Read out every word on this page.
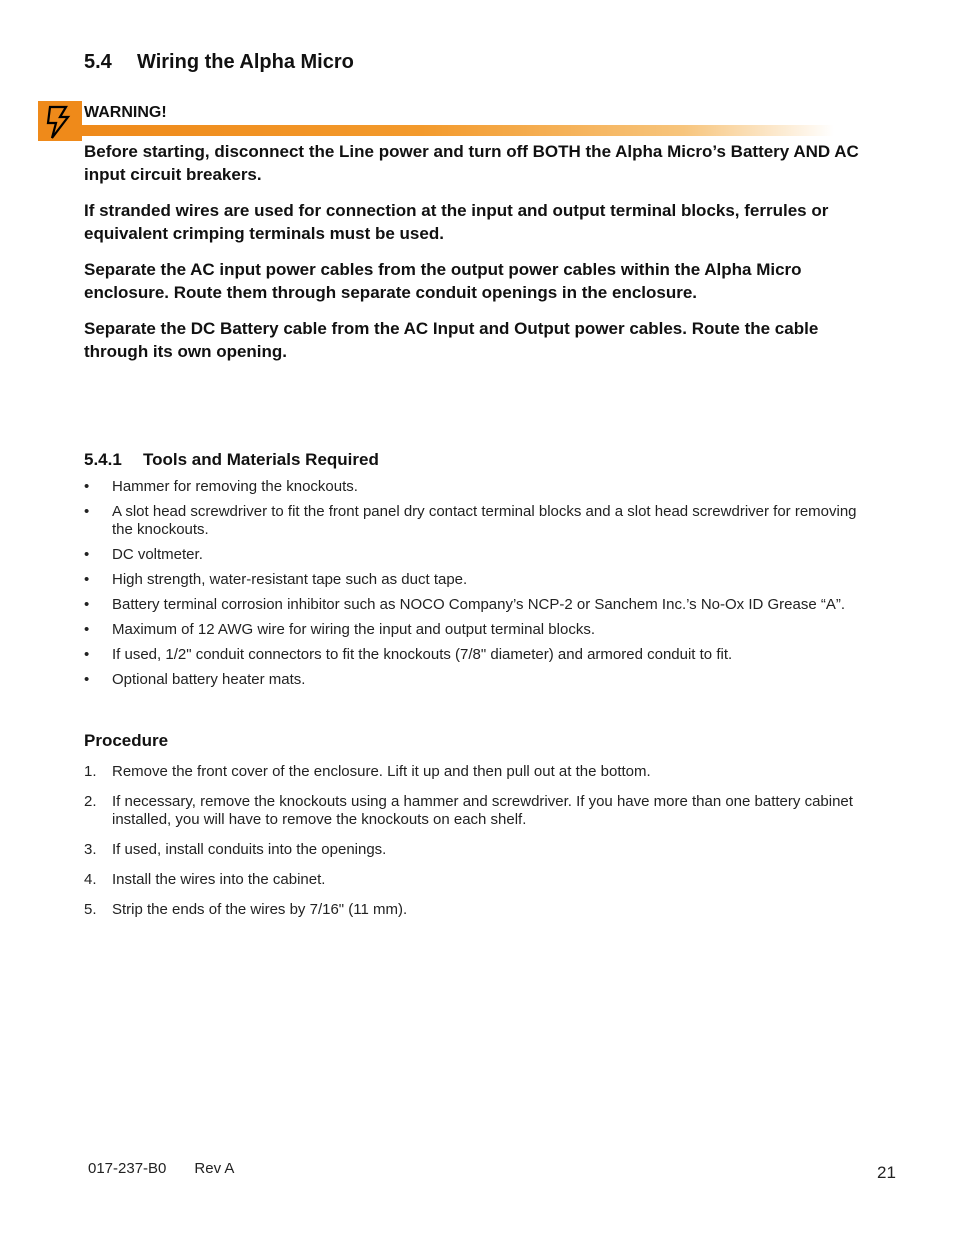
5.4 Wiring the Alpha Micro
WARNING!

Before starting, disconnect the Line power and turn off BOTH the Alpha Micro’s Battery AND AC input circuit breakers.

If stranded wires are used for connection at the input and output terminal blocks, ferrules or equivalent crimping terminals must be used.

Separate the AC input power cables from the output power cables within the Alpha Micro enclosure. Route them through separate conduit openings in the enclosure.

Separate the DC Battery cable from the AC Input and Output power cables. Route the cable through its own opening.

5.4.1 Tools and Materials Required
• Hammer for removing the knockouts.
• A slot head screwdriver to fit the front panel dry contact terminal blocks and a slot head screwdriver for removing the knockouts.
• DC voltmeter.
• High strength, water-resistant tape such as duct tape.
• Battery terminal corrosion inhibitor such as NOCO Company’s NCP-2 or Sanchem Inc.’s No-Ox ID Grease “A”.
• Maximum of 12 AWG wire for wiring the input and output terminal blocks.
• If used, 1/2" conduit connectors to fit the knockouts (7/8" diameter) and armored conduit to fit.
• Optional battery heater mats.
Procedure
1. Remove the front cover of the enclosure. Lift it up and then pull out at the bottom.
2. If necessary, remove the knockouts using a hammer and screwdriver. If you have more than one battery cabinet installed, you will have to remove the knockouts on each shelf.
3. If used, install conduits into the openings.
4. Install the wires into the cabinet.
5. Strip the ends of the wires by 7/16" (11 mm).
017-237-B0 Rev A	21
